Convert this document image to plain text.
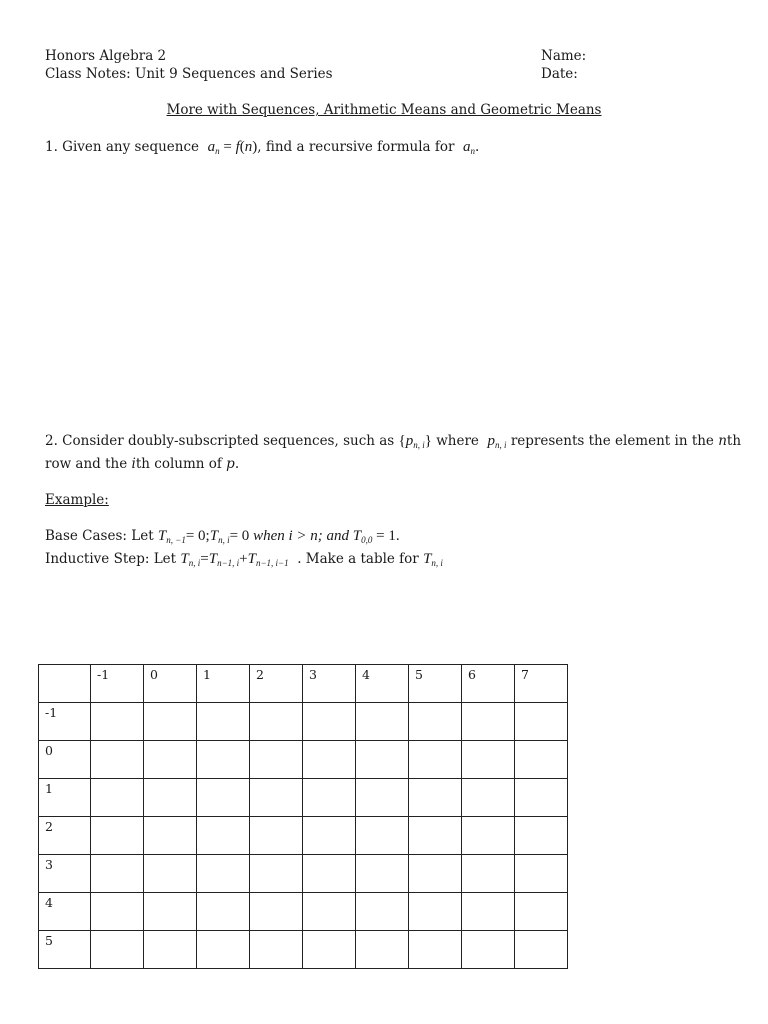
Honors Algebra 2
Class Notes: Unit 9 Sequences and Series
Name:
Date:
More with Sequences, Arithmetic Means and Geometric Means
1. Given any sequence $a_n = f(n)$, find a recursive formula for $a_n$.
2. Consider doubly-subscripted sequences, such as $\{p_{n, i}\}$ where $p_{n, i}$ represents the element in the nth
row and the ith column of p.
Example:
Base Cases: Let $T_{n, -1}=$ $0;T_{n, i}= 0$ when i > n; and $T_{0,0} = 1$.
Inductive Step: Let $T_{n, i}=T_{n-1, i}+T_{n-1, i-1}$ . Make a table for $T_{n, i}$

	-1	0	1	2	3	4	5	6	7

-1									

0									

1									

2									

3									

4									

5									
